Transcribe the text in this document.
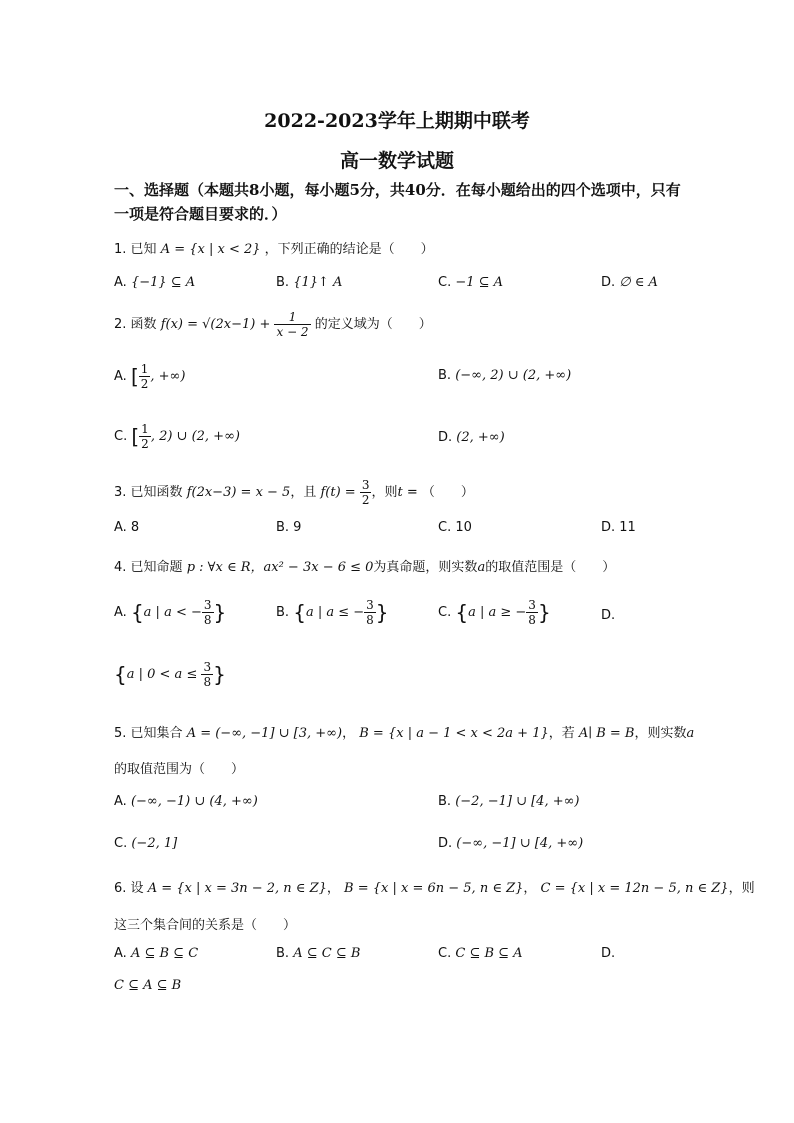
2022-2023学年上期期中联考
高一数学试题
一、选择题（本题共8小题，每小题5分，共40分．在每小题给出的四个选项中，只有一项是符合题目要求的．）
1. 已知 A = {x | x < 2} ，下列正确的结论是（　　）
A. {−1} ⊆ A	B. {1}↑ A	C. −1 ⊆ A	D. ∅ ∈ A
2. 函数 $f(x) = √(2x-1) + \frac{1}{x - 2}$ 的定义域为（　　）
A. [ $\frac{1}{2}$ , +∞)	B. (−∞, 2) ∪ (2, +∞)
C. [ $\frac{1}{2}$ , 2) ∪ (2, +∞)	D. (2, +∞)
3. 已知函数 f(2x−3) = x − 5，且 $f(t) = \frac{3}{2}$ ，则t = （　　）
A. 8	B. 9	C. 10	D. 11
4. 已知命题 p : ∀x ∈ R，ax² − 3x − 6 ≤ 0为真命题，则实数a的取值范围是（　　）
A. {a | a < − $\frac{3}{8}$ }	B. {a | a ≤ − $\frac{3}{8}$ }	C. {a | a ≥ − $\frac{3}{8}$ }	D.
{a | $0 < a \le \frac{3}{8}$ }
5. 已知集合 A = (−∞, −1] ∪ [3, +∞)， B = {x | a − 1 < x < 2a + 1}，若 A∣ B = B，则实数a
的取值范围为（　　）
A. (−∞, −1) ∪ (4, +∞)	B. (−2, −1] ∪ [4, +∞)
C. (−2, 1]	D. (−∞, −1] ∪ [4, +∞)
6. 设 A = {x | x = 3n − 2, n ∈ Z}， B = {x | x = 6n − 5, n ∈ Z}， C = {x | x = 12n − 5, n ∈ Z}，则
这三个集合间的关系是（　　）
A. A ⊆ B ⊆ C	B. A ⊆ C ⊆ B	C. C ⊆ B ⊆ A	D.
C ⊆ A ⊆ B
